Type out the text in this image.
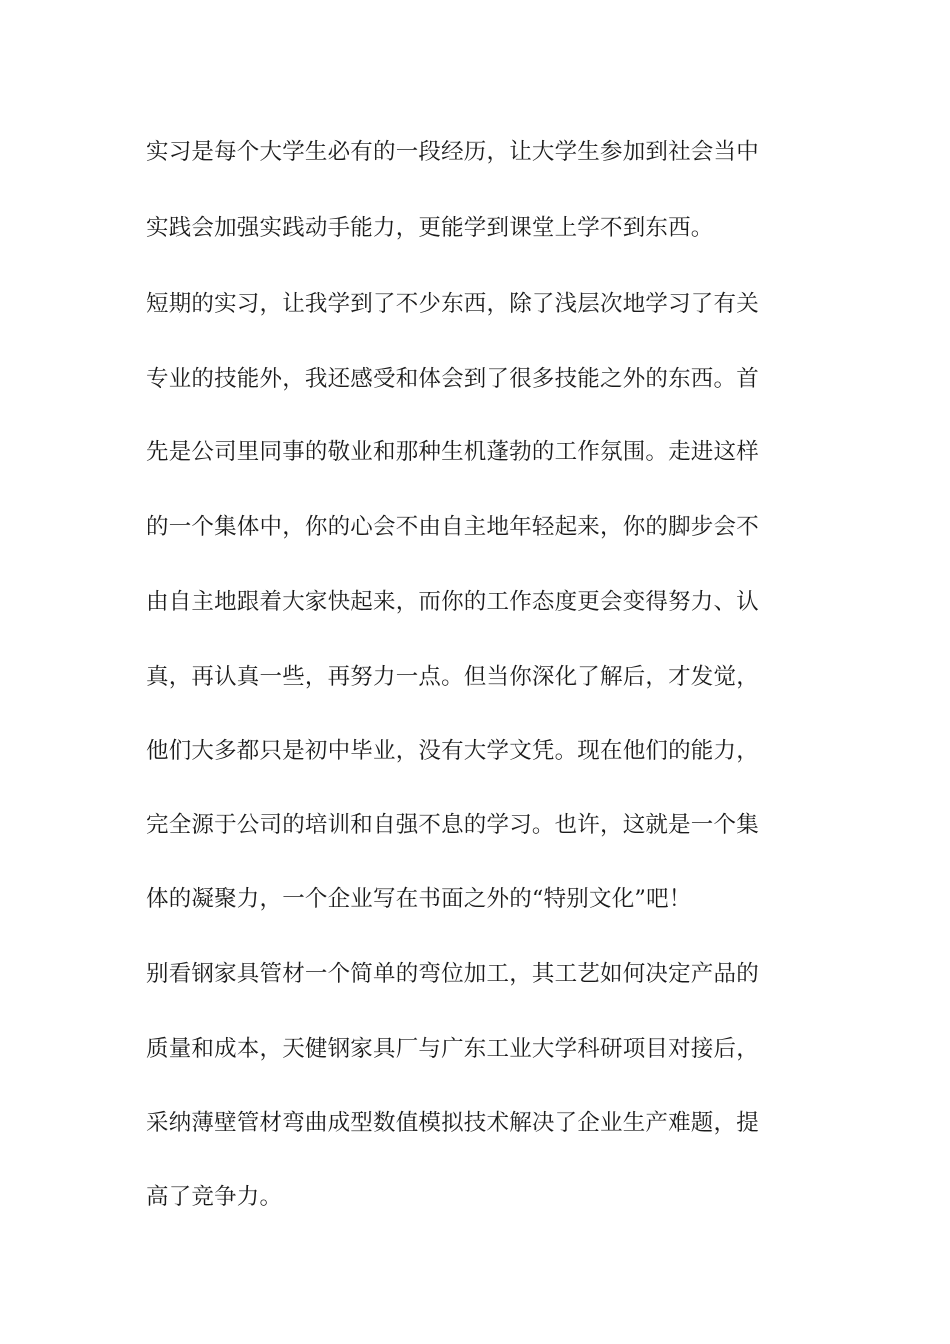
实习是每个大学生必有的一段经历，让大学生参加到社会当中
实践会加强实践动手能力，更能学到课堂上学不到东西。
短期的实习，让我学到了不少东西，除了浅层次地学习了有关
专业的技能外，我还感受和体会到了很多技能之外的东西。首
先是公司里同事的敬业和那种生机蓬勃的工作氛围。走进这样
的一个集体中，你的心会不由自主地年轻起来，你的脚步会不
由自主地跟着大家快起来，而你的工作态度更会变得努力、认
真，再认真一些，再努力一点。但当你深化了解后，才发觉，
他们大多都只是初中毕业，没有大学文凭。现在他们的能力，
完全源于公司的培训和自强不息的学习。也许，这就是一个集
体的凝聚力，一个企业写在书面之外的“特别文化”吧！
别看钢家具管材一个简单的弯位加工，其工艺如何决定产品的
质量和成本，天健钢家具厂与广东工业大学科研项目对接后，
采纳薄壁管材弯曲成型数值模拟技术解决了企业生产难题，提
高了竞争力。
